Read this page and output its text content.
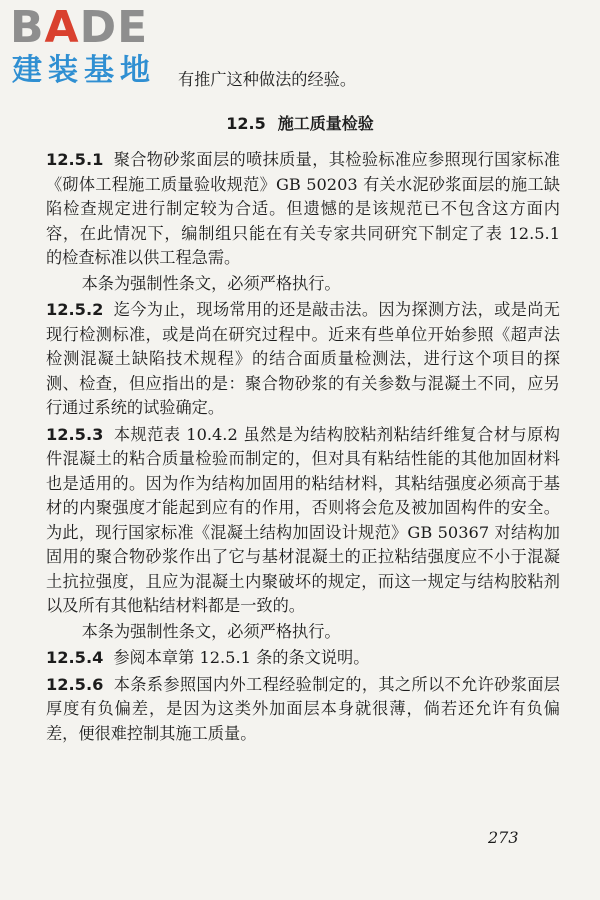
BADE
建装基地	有推广这种做法的经验。
12.5 施工质量检验

12.5.1 聚合物砂浆面层的喷抹质量，其检验标准应参照现行国家标准《砌体工程施工质量验收规范》GB 50203 有关水泥砂浆面层的施工缺陷检查规定进行制定较为合适。但遗憾的是该规范已不包含这方面内容，在此情况下，编制组只能在有关专家共同研究下制定了表 12.5.1 的检查标准以供工程急需。

本条为强制性条文，必须严格执行。

12.5.2 迄今为止，现场常用的还是敲击法。因为探测方法，或是尚无现行检测标准，或是尚在研究过程中。近来有些单位开始参照《超声法检测混凝土缺陷技术规程》的结合面质量检测法，进行这个项目的探测、检查，但应指出的是：聚合物砂浆的有关参数与混凝土不同，应另行通过系统的试验确定。

12.5.3 本规范表 10.4.2 虽然是为结构胶粘剂粘结纤维复合材与原构件混凝土的粘合质量检验而制定的，但对具有粘结性能的其他加固材料也是适用的。因为作为结构加固用的粘结材料，其粘结强度必须高于基材的内聚强度才能起到应有的作用，否则将会危及被加固构件的安全。为此，现行国家标准《混凝土结构加固设计规范》GB 50367 对结构加固用的聚合物砂浆作出了它与基材混凝土的正拉粘结强度应不小于混凝土抗拉强度，且应为混凝土内聚破坏的规定，而这一规定与结构胶粘剂以及所有其他粘结材料都是一致的。

本条为强制性条文，必须严格执行。

12.5.4 参阅本章第 12.5.1 条的条文说明。

12.5.6 本条系参照国内外工程经验制定的，其之所以不允许砂浆面层厚度有负偏差，是因为这类外加面层本身就很薄，倘若还允许有负偏差，便很难控制其施工质量。

273
